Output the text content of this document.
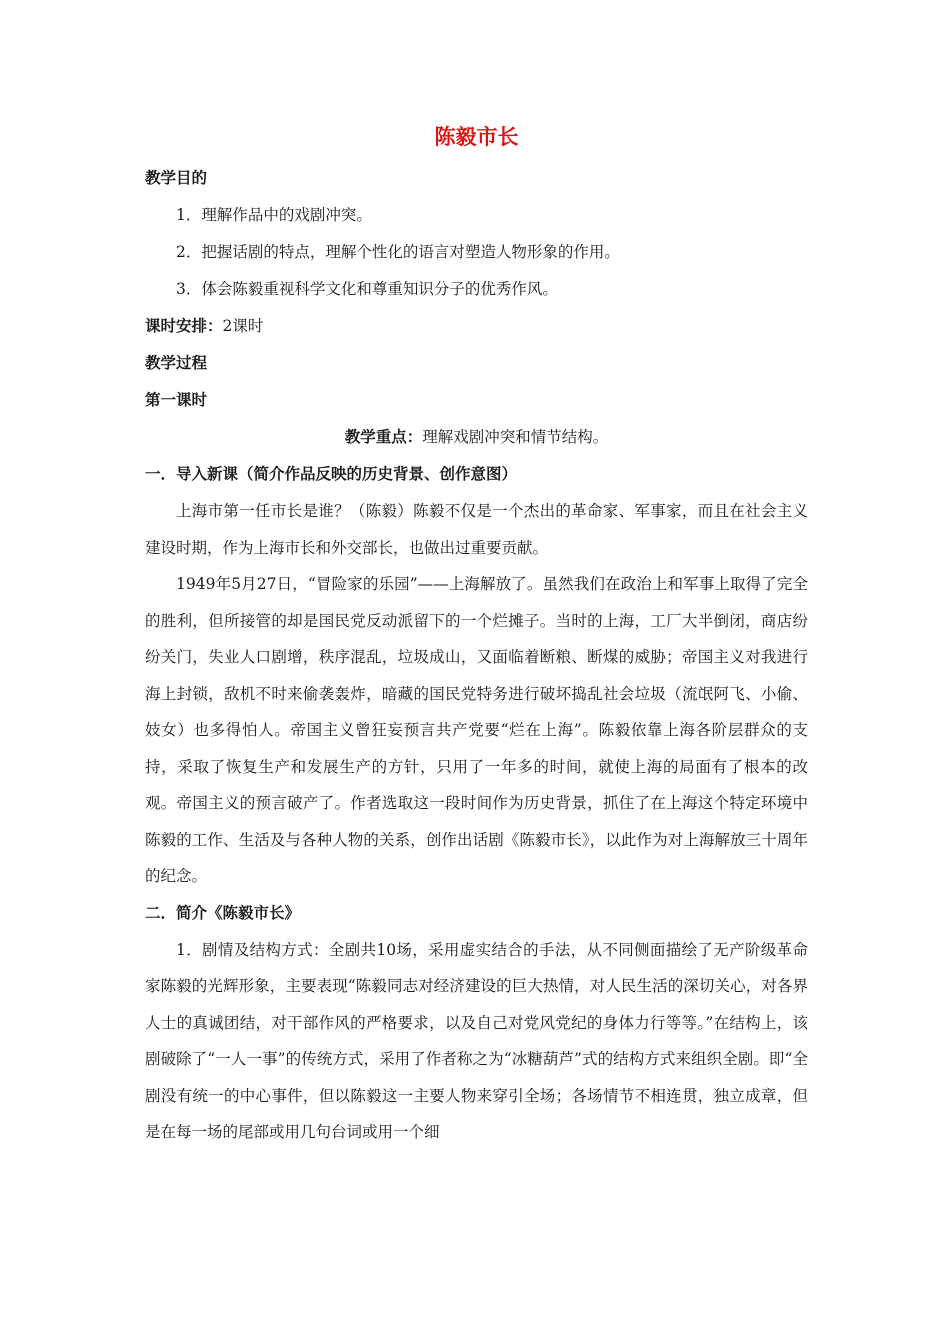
陈毅市长
教学目的
1．理解作品中的戏剧冲突。
2．把握话剧的特点，理解个性化的语言对塑造人物形象的作用。
3．体会陈毅重视科学文化和尊重知识分子的优秀作风。
课时安排：2课时
教学过程
第一课时
教学重点：理解戏剧冲突和情节结构。
一．导入新课（简介作品反映的历史背景、创作意图）
上海市第一任市长是谁？（陈毅）陈毅不仅是一个杰出的革命家、军事家，而且在社会主义建设时期，作为上海市长和外交部长，也做出过重要贡献。
1949年5月27日，“冒险家的乐园”——上海解放了。虽然我们在政治上和军事上取得了完全的胜利，但所接管的却是国民党反动派留下的一个烂摊子。当时的上海，工厂大半倒闭，商店纷纷关门，失业人口剧增，秩序混乱，垃圾成山，又面临着断粮、断煤的威胁；帝国主义对我进行海上封锁，敌机不时来偷袭轰炸，暗藏的国民党特务进行破坏捣乱社会垃圾（流氓阿飞、小偷、妓女）也多得怕人。帝国主义曾狂妄预言共产党要“烂在上海”。陈毅依靠上海各阶层群众的支持，采取了恢复生产和发展生产的方针，只用了一年多的时间，就使上海的局面有了根本的改观。帝国主义的预言破产了。作者选取这一段时间作为历史背景，抓住了在上海这个特定环境中陈毅的工作、生活及与各种人物的关系，创作出话剧《陈毅市长》，以此作为对上海解放三十周年的纪念。
二．简介《陈毅市长》
1．剧情及结构方式：全剧共10场，采用虚实结合的手法，从不同侧面描绘了无产阶级革命家陈毅的光辉形象，主要表现“陈毅同志对经济建设的巨大热情，对人民生活的深切关心，对各界人士的真诚团结，对干部作风的严格要求，以及自己对党风党纪的身体力行等等。”在结构上，该剧破除了“一人一事”的传统方式，采用了作者称之为“冰糖葫芦”式的结构方式来组织全剧。即“全剧没有统一的中心事件，但以陈毅这一主要人物来穿引全场；各场情节不相连贯，独立成章，但是在每一场的尾部或用几句台词或用一个细
